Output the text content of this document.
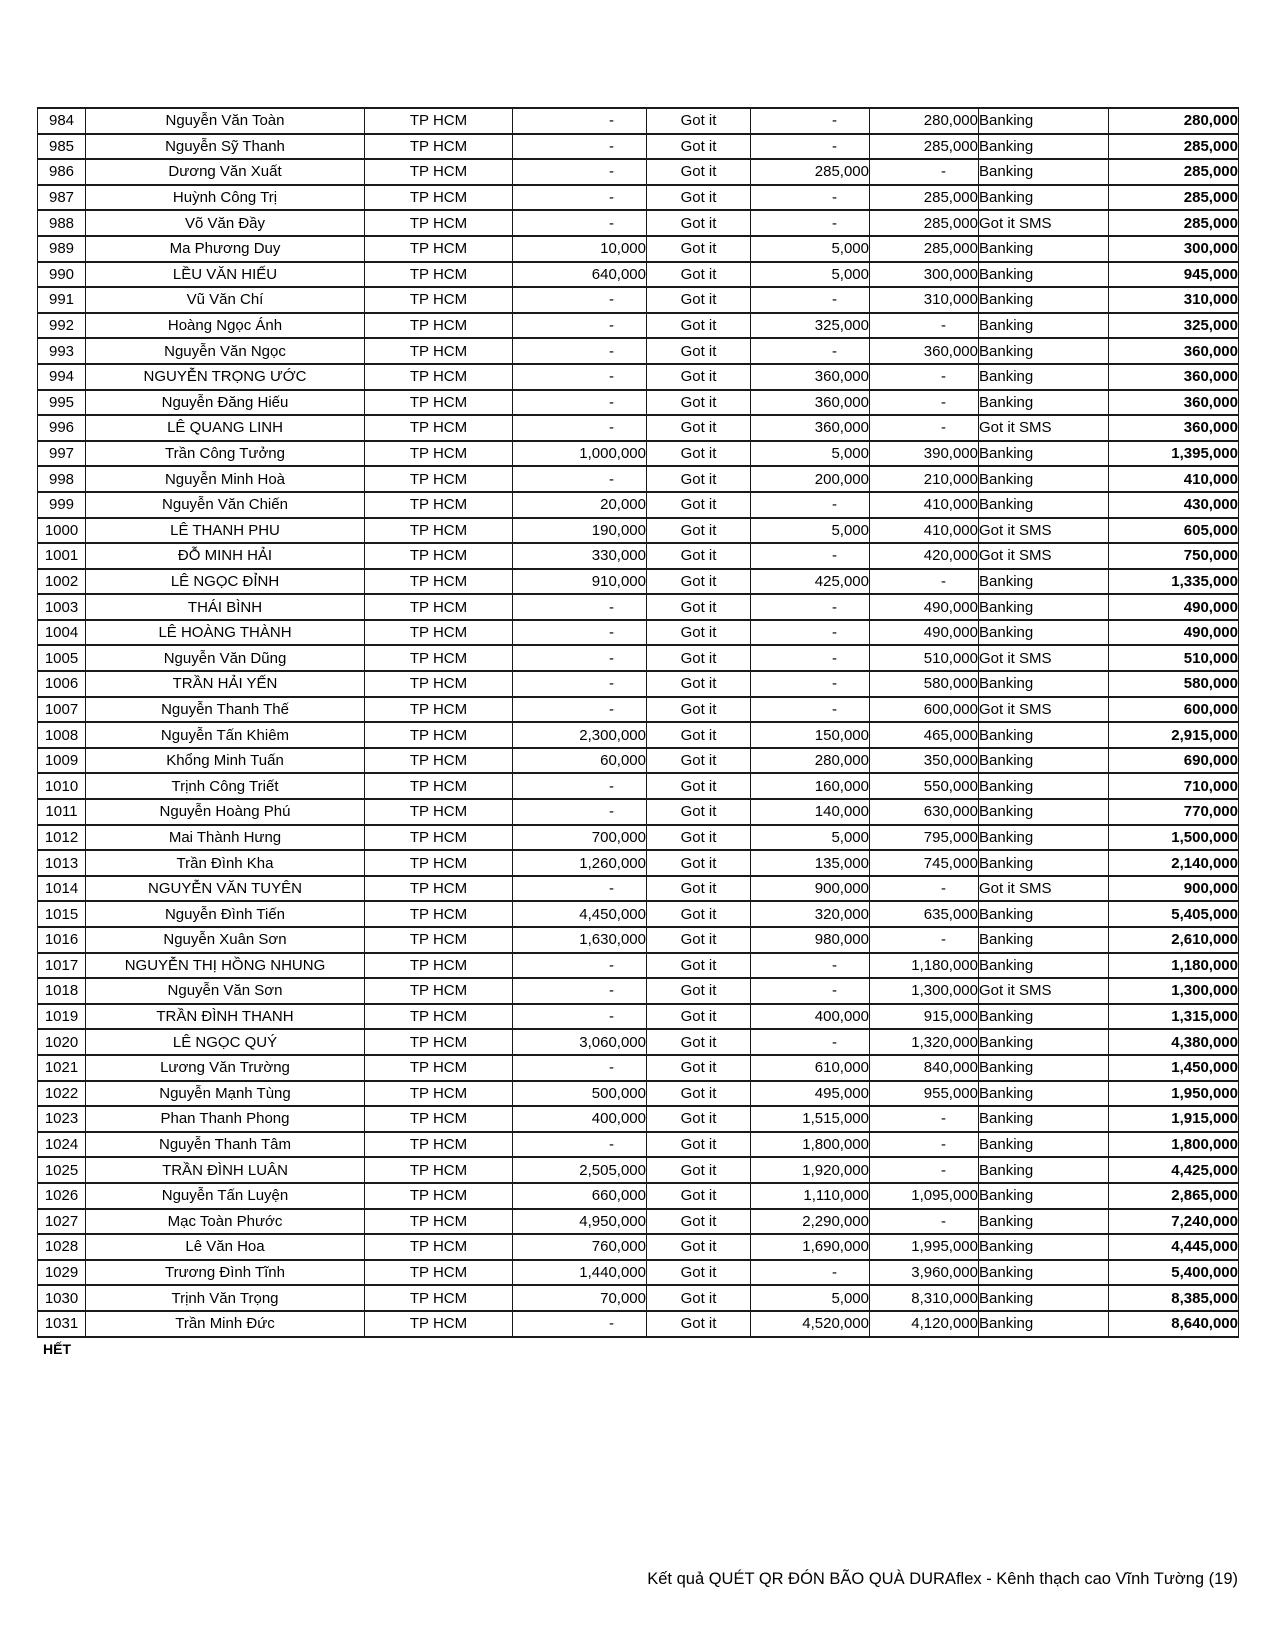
984	Nguyễn Văn Toàn	TP HCM	-	Got it	-	280,000	Banking	280,000
985	Nguyễn Sỹ Thanh	TP HCM	-	Got it	-	285,000	Banking	285,000
986	Dương Văn Xuất	TP HCM	-	Got it	285,000	-	Banking	285,000
987	Huỳnh Công Trị	TP HCM	-	Got it	-	285,000	Banking	285,000
988	Võ Văn Đầy	TP HCM	-	Got it	-	285,000	Got it SMS	285,000
989	Ma Phương Duy	TP HCM	10,000	Got it	5,000	285,000	Banking	300,000
990	LỀU VĂN HIẾU	TP HCM	640,000	Got it	5,000	300,000	Banking	945,000
991	Vũ Văn Chí	TP HCM	-	Got it	-	310,000	Banking	310,000
992	Hoàng Ngọc Ánh	TP HCM	-	Got it	325,000	-	Banking	325,000
993	Nguyễn Văn Ngọc	TP HCM	-	Got it	-	360,000	Banking	360,000
994	NGUYỄN TRỌNG ƯỚC	TP HCM	-	Got it	360,000	-	Banking	360,000
995	Nguyễn Đăng Hiếu	TP HCM	-	Got it	360,000	-	Banking	360,000
996	LÊ QUANG LINH	TP HCM	-	Got it	360,000	-	Got it SMS	360,000
997	Trần Công Tưởng	TP HCM	1,000,000	Got it	5,000	390,000	Banking	1,395,000
998	Nguyễn Minh Hoà	TP HCM	-	Got it	200,000	210,000	Banking	410,000
999	Nguyễn Văn Chiến	TP HCM	20,000	Got it	-	410,000	Banking	430,000
1000	LÊ THANH PHU	TP HCM	190,000	Got it	5,000	410,000	Got it SMS	605,000
1001	ĐỖ MINH HẢI	TP HCM	330,000	Got it	-	420,000	Got it SMS	750,000
1002	LÊ NGỌC ĐỈNH	TP HCM	910,000	Got it	425,000	-	Banking	1,335,000
1003	THÁI BÌNH	TP HCM	-	Got it	-	490,000	Banking	490,000
1004	LÊ HOÀNG THÀNH	TP HCM	-	Got it	-	490,000	Banking	490,000
1005	Nguyễn Văn Dũng	TP HCM	-	Got it	-	510,000	Got it SMS	510,000
1006	TRẦN HẢI YẾN	TP HCM	-	Got it	-	580,000	Banking	580,000
1007	Nguyễn Thanh Thế	TP HCM	-	Got it	-	600,000	Got it SMS	600,000
1008	Nguyễn Tấn Khiêm	TP HCM	2,300,000	Got it	150,000	465,000	Banking	2,915,000
1009	Khổng Minh Tuấn	TP HCM	60,000	Got it	280,000	350,000	Banking	690,000
1010	Trịnh Công Triết	TP HCM	-	Got it	160,000	550,000	Banking	710,000
1011	Nguyễn Hoàng Phú	TP HCM	-	Got it	140,000	630,000	Banking	770,000
1012	Mai Thành Hưng	TP HCM	700,000	Got it	5,000	795,000	Banking	1,500,000
1013	Trần Đình Kha	TP HCM	1,260,000	Got it	135,000	745,000	Banking	2,140,000
1014	NGUYỄN VĂN TUYÊN	TP HCM	-	Got it	900,000	-	Got it SMS	900,000
1015	Nguyễn Đình Tiến	TP HCM	4,450,000	Got it	320,000	635,000	Banking	5,405,000
1016	Nguyễn Xuân Sơn	TP HCM	1,630,000	Got it	980,000	-	Banking	2,610,000
1017	NGUYỄN THỊ HỒNG NHUNG	TP HCM	-	Got it	-	1,180,000	Banking	1,180,000
1018	Nguyễn Văn Sơn	TP HCM	-	Got it	-	1,300,000	Got it SMS	1,300,000
1019	TRẦN ĐÌNH THANH	TP HCM	-	Got it	400,000	915,000	Banking	1,315,000
1020	LÊ NGỌC QUÝ	TP HCM	3,060,000	Got it	-	1,320,000	Banking	4,380,000
1021	Lương Văn Trường	TP HCM	-	Got it	610,000	840,000	Banking	1,450,000
1022	Nguyễn Mạnh Tùng	TP HCM	500,000	Got it	495,000	955,000	Banking	1,950,000
1023	Phan Thanh Phong	TP HCM	400,000	Got it	1,515,000	-	Banking	1,915,000
1024	Nguyễn Thanh Tâm	TP HCM	-	Got it	1,800,000	-	Banking	1,800,000
1025	TRẦN ĐÌNH LUÂN	TP HCM	2,505,000	Got it	1,920,000	-	Banking	4,425,000
1026	Nguyễn Tấn Luyện	TP HCM	660,000	Got it	1,110,000	1,095,000	Banking	2,865,000
1027	Mạc Toàn Phước	TP HCM	4,950,000	Got it	2,290,000	-	Banking	7,240,000
1028	Lê Văn Hoa	TP HCM	760,000	Got it	1,690,000	1,995,000	Banking	4,445,000
1029	Trương Đình Tĩnh	TP HCM	1,440,000	Got it	-	3,960,000	Banking	5,400,000
1030	Trịnh Văn Trọng	TP HCM	70,000	Got it	5,000	8,310,000	Banking	8,385,000
1031	Trần Minh Đức	TP HCM	-	Got it	4,520,000	4,120,000	Banking	8,640,000
HẾT
Kết quả QUÉT QR ĐÓN BÃO QUÀ DURAflex - Kênh thạch cao Vĩnh Tường (19)
